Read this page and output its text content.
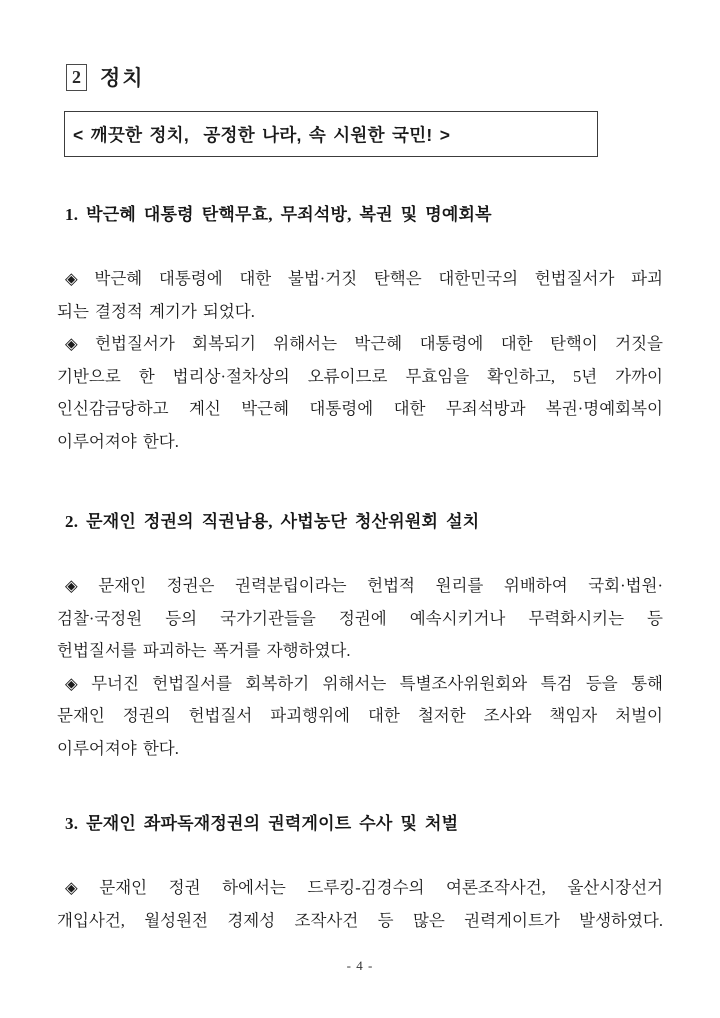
2 정치
< 깨끗한 정치,  공정한 나라, 속 시원한 국민! >
1. 박근혜 대통령 탄핵무효, 무죄석방, 복권 및 명예회복
◈ 박근혜 대통령에 대한 불법·거짓 탄핵은 대한민국의 헌법질서가 파괴
되는 결정적 계기가 되었다.
◈ 헌법질서가 회복되기 위해서는 박근혜 대통령에 대한 탄핵이 거짓을
기반으로 한 법리상·절차상의 오류이므로 무효임을 확인하고, 5년 가까이
인신감금당하고 계신 박근혜 대통령에 대한 무죄석방과 복권·명예회복이
이루어져야 한다.
2. 문재인 정권의 직권남용, 사법농단 청산위원회 설치
◈ 문재인 정권은 권력분립이라는 헌법적 원리를 위배하여 국회·법원·
검찰·국정원 등의 국가기관들을 정권에 예속시키거나 무력화시키는 등
헌법질서를 파괴하는 폭거를 자행하였다.
◈ 무너진 헌법질서를 회복하기 위해서는 특별조사위원회와 특검 등을 통해
문재인 정권의 헌법질서 파괴행위에 대한 철저한 조사와 책임자 처벌이
이루어져야 한다.
3. 문재인 좌파독재정권의 권력게이트 수사 및 처벌
◈ 문재인 정권 하에서는 드루킹-김경수의 여론조작사건, 울산시장선거
개입사건, 월성원전 경제성 조작사건 등 많은 권력게이트가 발생하였다.
- 4 -
